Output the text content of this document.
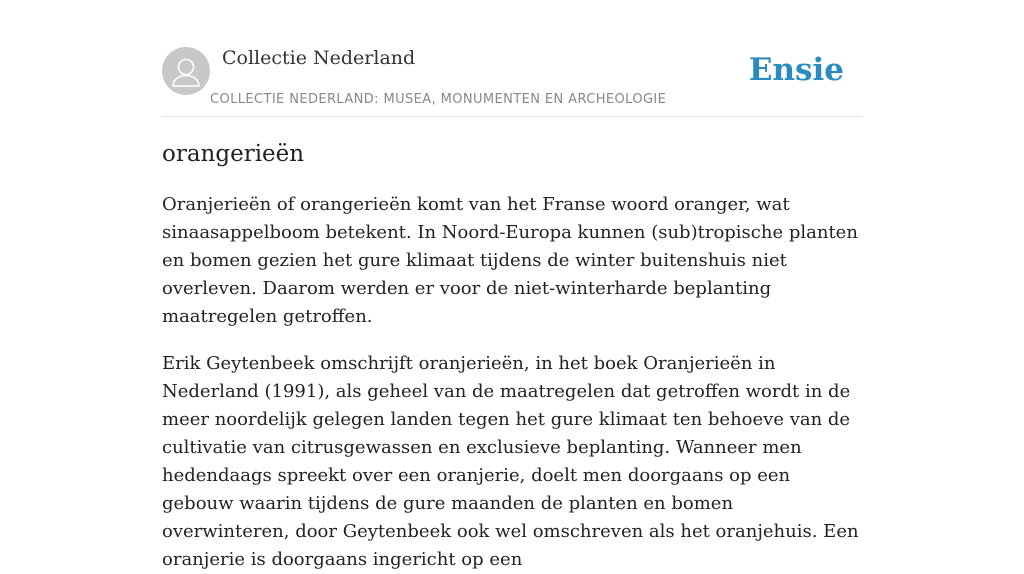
Collectie Nederland
COLLECTIE NEDERLAND: MUSEA, MONUMENTEN EN ARCHEOLOGIE
Ensie
orangerieën

Oranjerieën of orangerieën komt van het Franse woord oranger, wat sinaasappelboom betekent. In Noord-Europa kunnen (sub)tropische planten en bomen gezien het gure klimaat tijdens de winter buitenshuis niet overleven. Daarom werden er voor de niet-winterharde beplanting maatregelen getroffen.

Erik Geytenbeek omschrijft oranjerieën, in het boek Oranjerieën in Nederland (1991), als geheel van de maatregelen dat getroffen wordt in de meer noordelijk gelegen landen tegen het gure klimaat ten behoeve van de cultivatie van citrusgewassen en exclusieve beplanting. Wanneer men hedendaags spreekt over een oranjerie, doelt men doorgaans op een gebouw waarin tijdens de gure maanden de planten en bomen overwinteren, door Geytenbeek ook wel omschreven als het oranjehuis. Een oranjerie is doorgaans ingericht op een
